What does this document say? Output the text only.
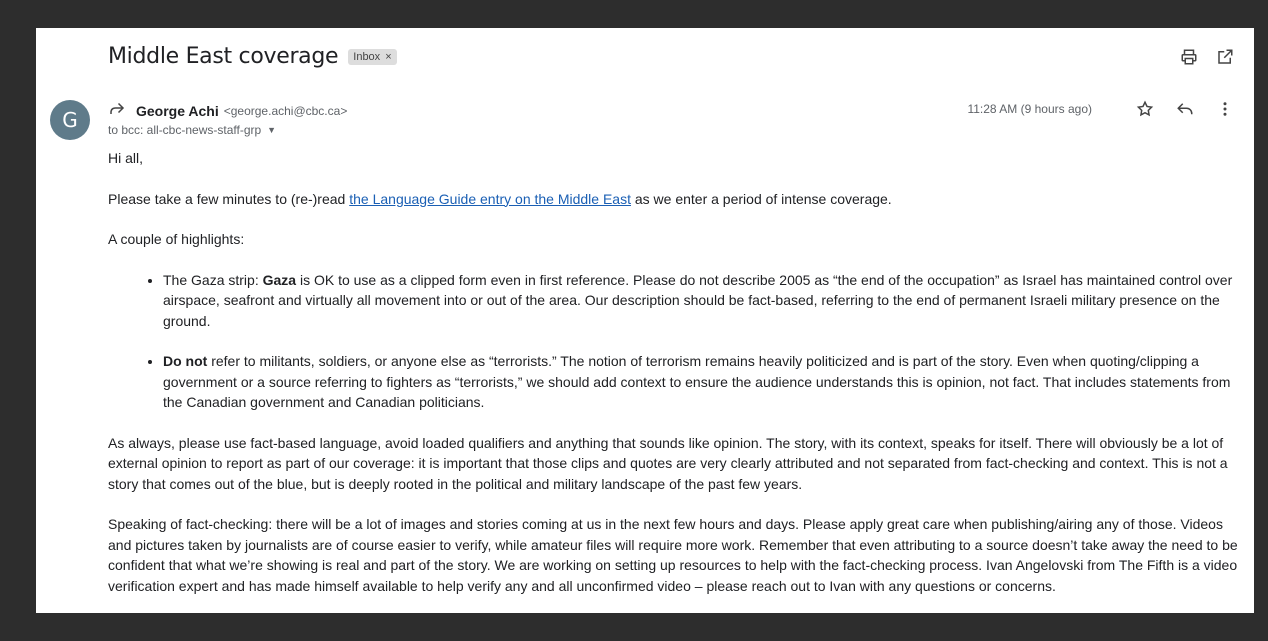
Middle East coverage Inbox ×
G	George Achi <george.achi@cbc.ca>
to bcc: all-cbc-news-staff-grp ▼
11:28 AM (9 hours ago)

Hi all,

Please take a few minutes to (re-)read the Language Guide entry on the Middle East as we enter a period of intense coverage.

A couple of highlights:

• The Gaza strip: Gaza is OK to use as a clipped form even in first reference. Please do not describe 2005 as “the end of the occupation” as Israel has maintained control over airspace, seafront and virtually all movement into or out of the area. Our description should be fact-based, referring to the end of permanent Israeli military presence on the ground.
• Do not refer to militants, soldiers, or anyone else as “terrorists.” The notion of terrorism remains heavily politicized and is part of the story. Even when quoting/clipping a government or a source referring to fighters as “terrorists,” we should add context to ensure the audience understands this is opinion, not fact. That includes statements from the Canadian government and Canadian politicians.

As always, please use fact-based language, avoid loaded qualifiers and anything that sounds like opinion. The story, with its context, speaks for itself. There will obviously be a lot of external opinion to report as part of our coverage: it is important that those clips and quotes are very clearly attributed and not separated from fact-checking and context. This is not a story that comes out of the blue, but is deeply rooted in the political and military landscape of the past few years.

Speaking of fact-checking: there will be a lot of images and stories coming at us in the next few hours and days. Please apply great care when publishing/airing any of those. Videos and pictures taken by journalists are of course easier to verify, while amateur files will require more work. Remember that even attributing to a source doesn’t take away the need to be confident that what we’re showing is real and part of the story. We are working on setting up resources to help with the fact-checking process. Ivan Angelovski from The Fifth is a video verification expert and has made himself available to help verify any and all unconfirmed video – please reach out to Ivan with any questions or concerns.
